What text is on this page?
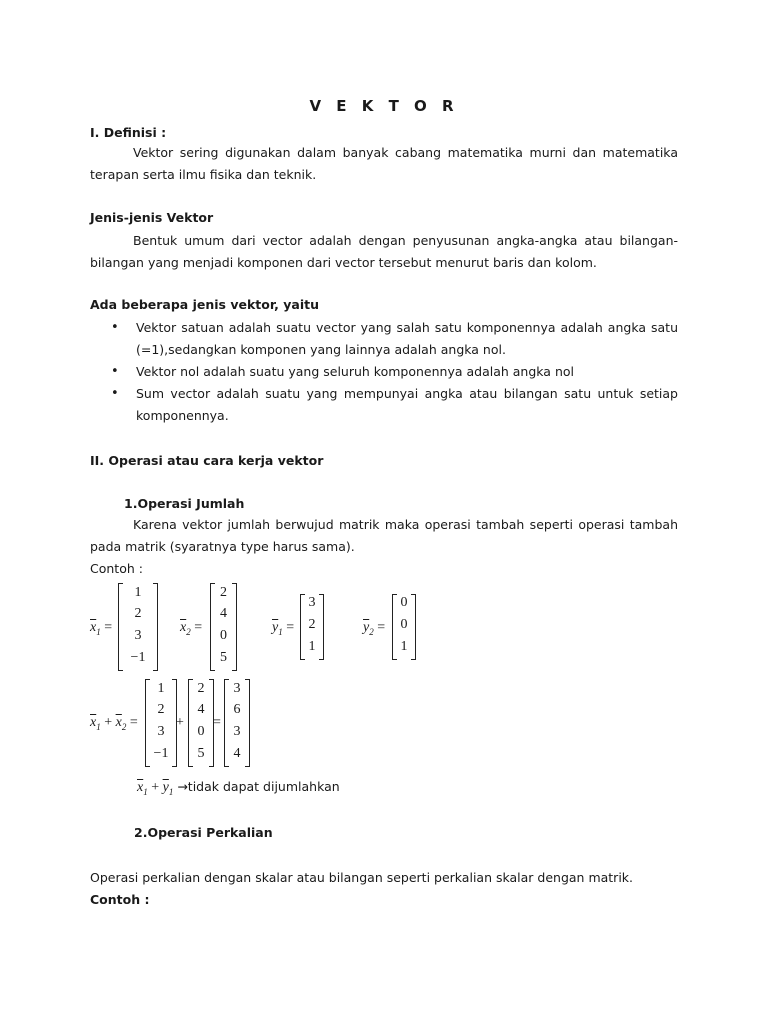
V E K T O R
I. Definisi :

Vektor sering digunakan dalam banyak cabang matematika murni dan matematika terapan serta ilmu fisika dan teknik.

Jenis-jenis Vektor

Bentuk umum dari vector adalah dengan penyusunan angka-angka atau bilangan-bilangan yang menjadi komponen dari vector tersebut menurut baris dan kolom.

Ada beberapa jenis vektor, yaitu
• Vektor satuan adalah suatu vector yang salah satu komponennya adalah angka satu (=1),sedangkan komponen yang lainnya adalah angka nol.
• Vektor nol adalah suatu yang seluruh komponennya adalah angka nol
• Sum vector adalah suatu yang mempunyai angka atau bilangan satu untuk setiap komponennya.
II. Operasi atau cara kerja vektor
1.Operasi Jumlah

Karena vektor jumlah berwujud matrik maka operasi tambah seperti operasi tambah pada matrik (syaratnya type harus sama).

Contoh :
$\overline{x}_1$ =
1
2
3
−1
$\overline{x}_2$ =
2
4
0
5
$\overline{y}_1$ =
3
2
1
$\overline{y}_2$ =
0
0
1
$\overline{x}_1 + \overline{x}_2$ =
1
2
3
−1
+
2
4
0
5
=
3
6
3
4
$\overline{x}_1 + \overline{y}_1$ →tidak dapat dijumlahkan
2.Operasi Perkalian
Operasi perkalian dengan skalar atau bilangan seperti perkalian skalar dengan matrik.
Contoh :
